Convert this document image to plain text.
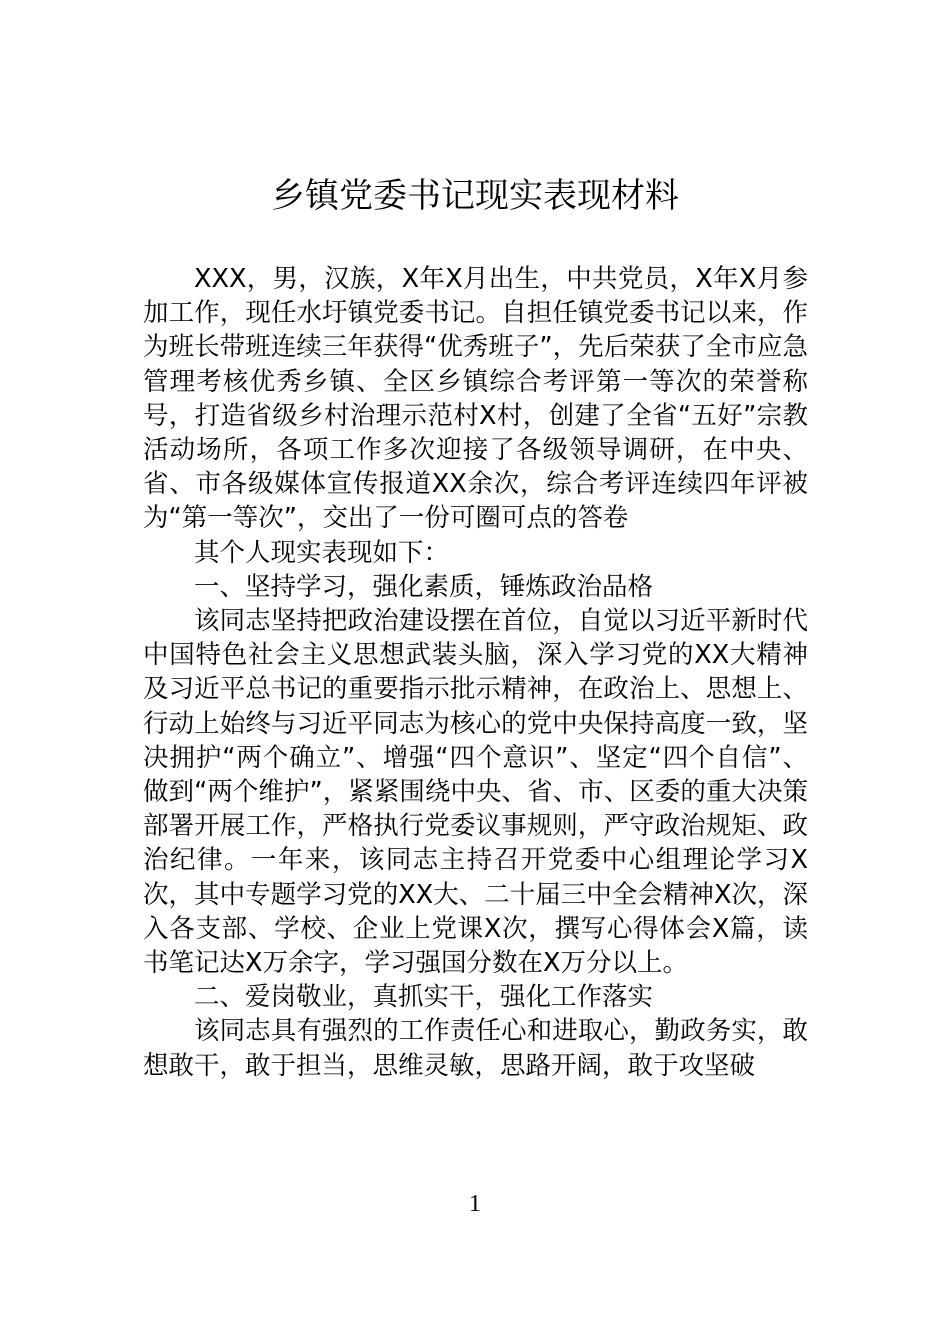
乡镇党委书记现实表现材料

XXX，男，汉族，X年X月出生，中共党员，X年X月参加工作，现任水圩镇党委书记。自担任镇党委书记以来，作为班长带班连续三年获得“优秀班子”，先后荣获了全市应急管理考核优秀乡镇、全区乡镇综合考评第一等次的荣誉称号，打造省级乡村治理示范村X村，创建了全省“五好”宗教活动场所，各项工作多次迎接了各级领导调研，在中央、省、市各级媒体宣传报道XX余次，综合考评连续四年评被为“第一等次”，交出了一份可圈可点的答卷

其个人现实表现如下：

一、坚持学习，强化素质，锤炼政治品格

该同志坚持把政治建设摆在首位，自觉以习近平新时代中国特色社会主义思想武装头脑，深入学习党的XX大精神及习近平总书记的重要指示批示精神，在政治上、思想上、行动上始终与习近平同志为核心的党中央保持高度一致，坚决拥护“两个确立”、增强“四个意识”、坚定“四个自信”、做到“两个维护”，紧紧围绕中央、省、市、区委的重大决策部署开展工作，严格执行党委议事规则，严守政治规矩、政治纪律。一年来，该同志主持召开党委中心组理论学习X次，其中专题学习党的XX大、二十届三中全会精神X次，深入各支部、学校、企业上党课X次，撰写心得体会X篇，读书笔记达X万余字，学习强国分数在X万分以上。

二、爱岗敬业，真抓实干，强化工作落实

该同志具有强烈的工作责任心和进取心，勤政务实，敢想敢干，敢于担当，思维灵敏，思路开阔，敢于攻坚破

1
